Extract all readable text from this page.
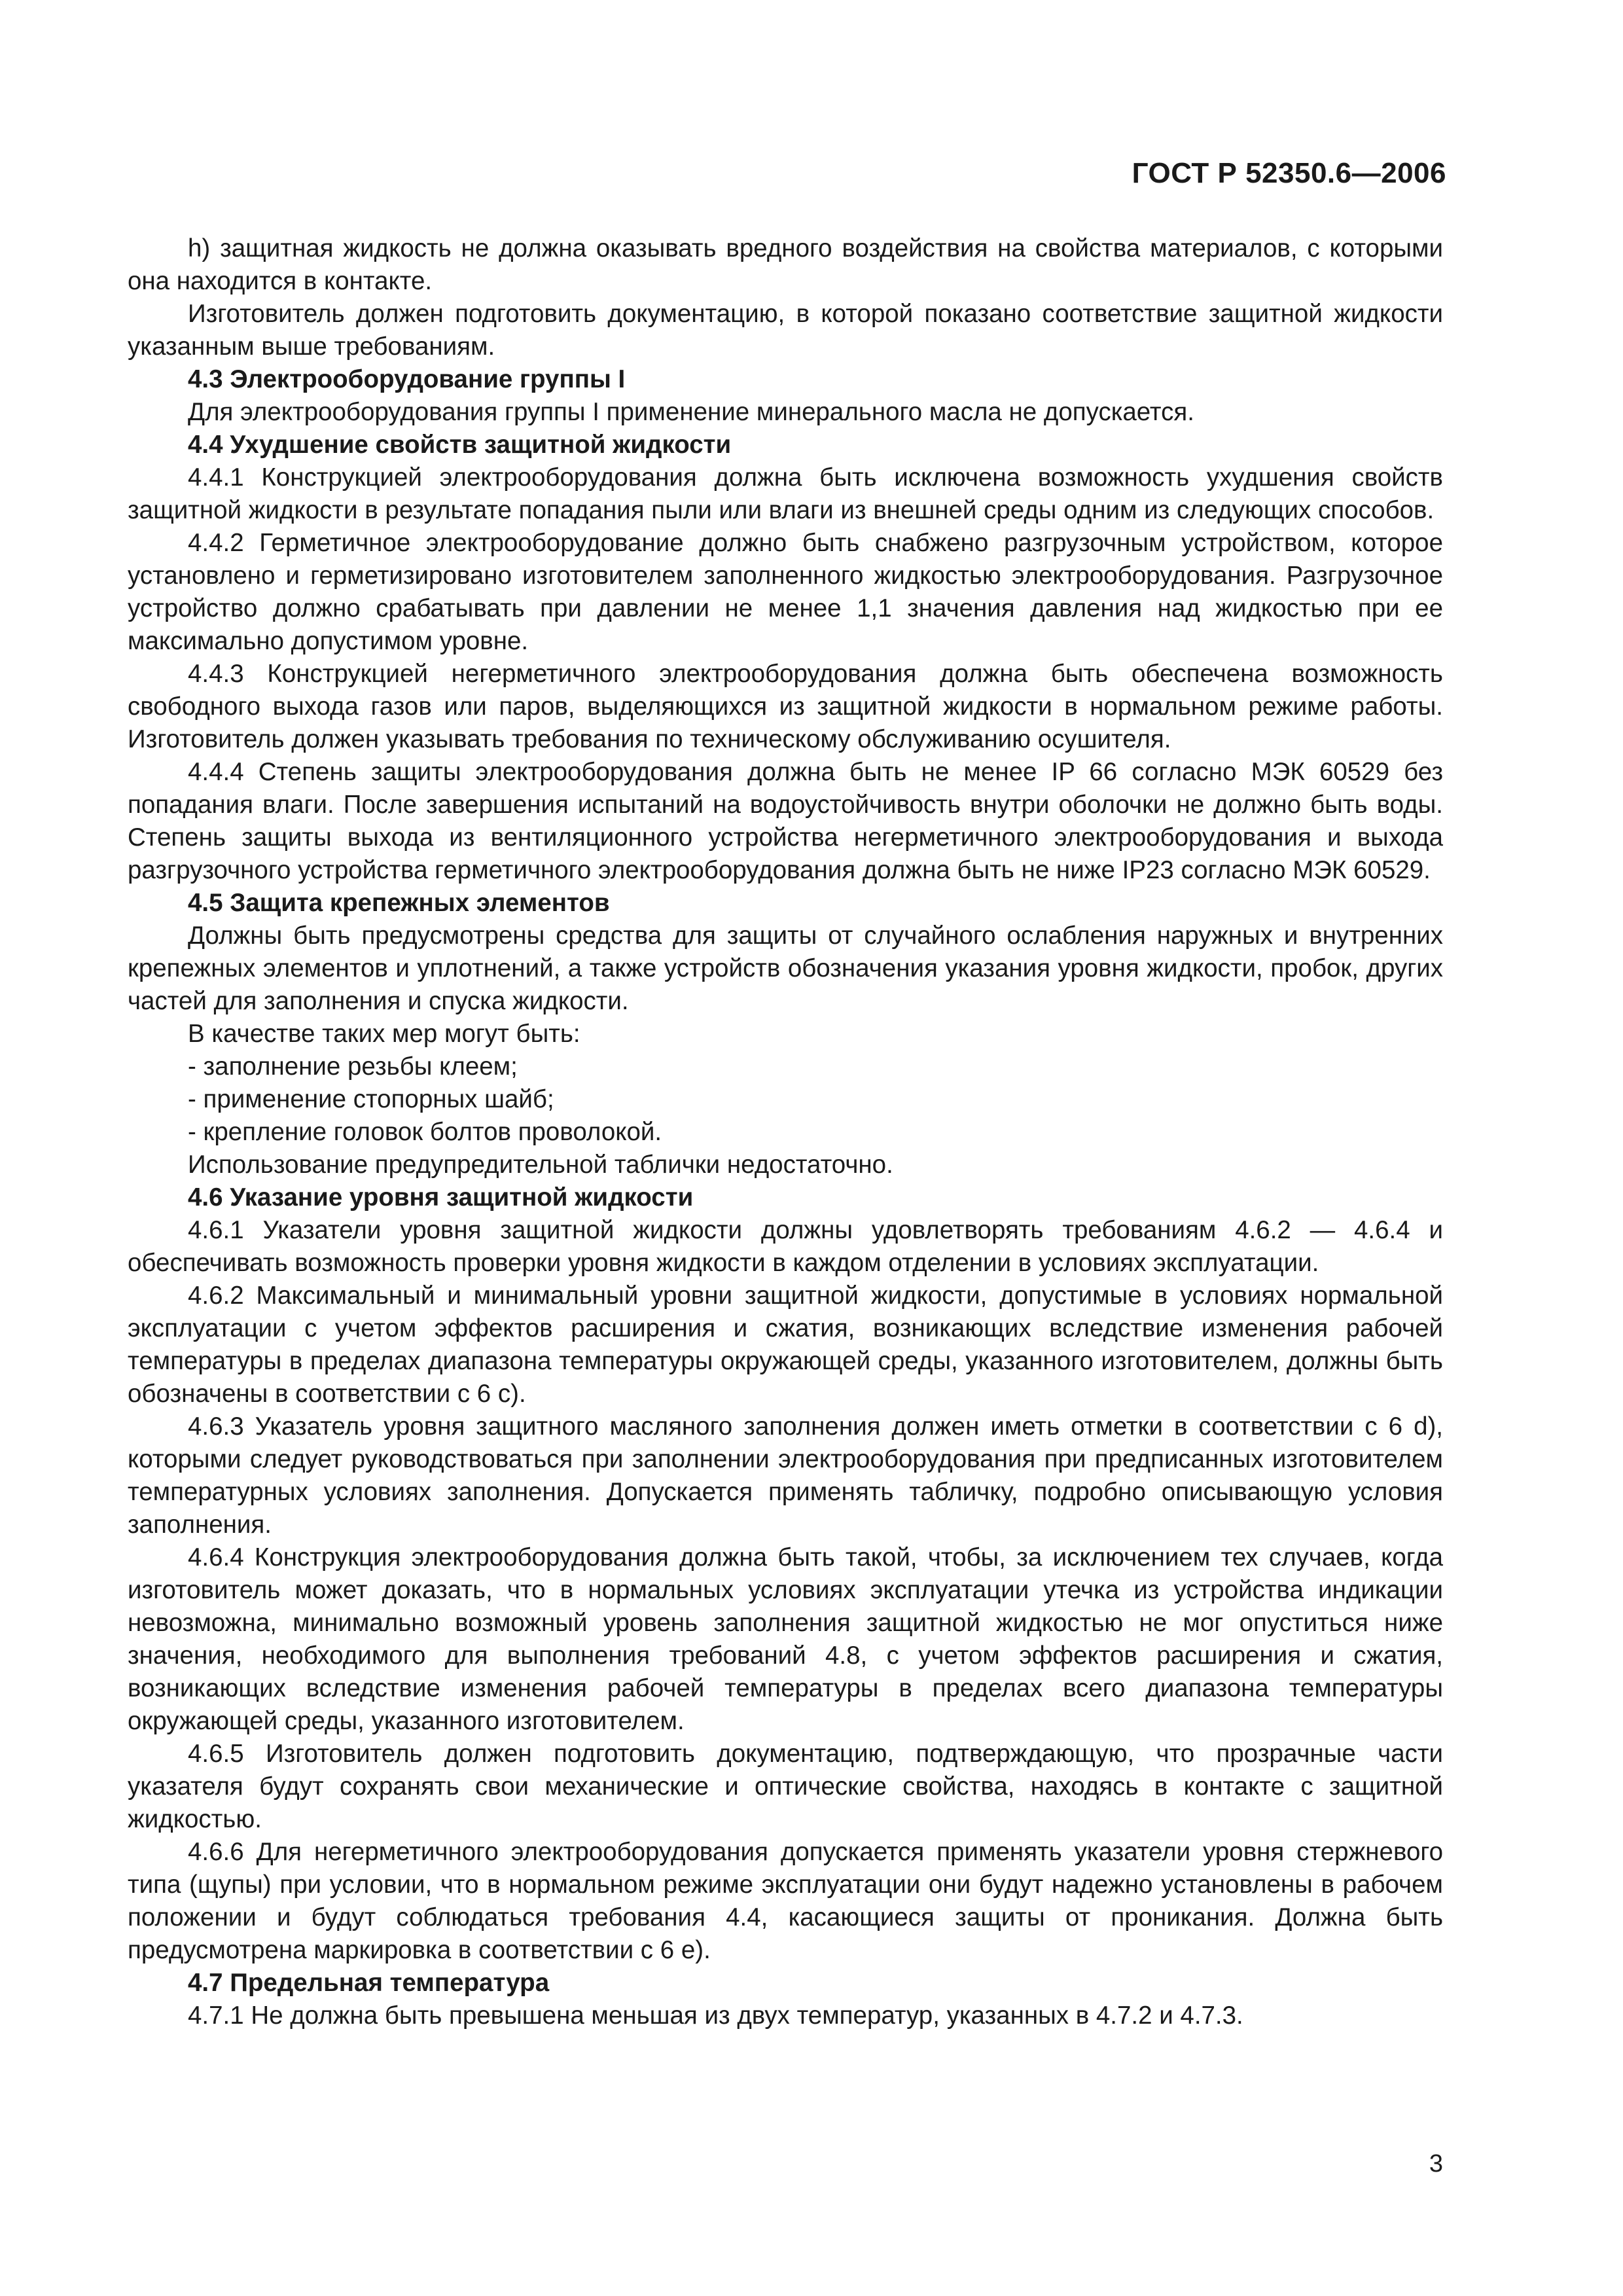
ГОСТ Р 52350.6—2006

h) защитная жидкость не должна оказывать вредного воздействия на свойства материалов, с которыми она находится в контакте.

Изготовитель должен подготовить документацию, в которой показано соответствие защитной жидкости указанным выше требованиям.

4.3 Электрооборудование группы I

Для электрооборудования группы I применение минерального масла не допускается.

4.4 Ухудшение свойств защитной жидкости

4.4.1 Конструкцией электрооборудования должна быть исключена возможность ухудшения свойств защитной жидкости в результате попадания пыли или влаги из внешней среды одним из следующих способов.

4.4.2 Герметичное электрооборудование должно быть снабжено разгрузочным устройством, которое установлено и герметизировано изготовителем заполненного жидкостью электрооборудования. Разгрузочное устройство должно срабатывать при давлении не менее 1,1 значения давления над жидкостью при ее максимально допустимом уровне.

4.4.3 Конструкцией негерметичного электрооборудования должна быть обеспечена возможность свободного выхода газов или паров, выделяющихся из защитной жидкости в нормальном режиме работы. Изготовитель должен указывать требования по техническому обслуживанию осушителя.

4.4.4 Степень защиты электрооборудования должна быть не менее IP 66 согласно МЭК 60529 без попадания влаги. После завершения испытаний на водоустойчивость внутри оболочки не должно быть воды. Степень защиты выхода из вентиляционного устройства негерметичного электрооборудования и выхода разгрузочного устройства герметичного электрооборудования должна быть не ниже IP23 согласно МЭК 60529.

4.5 Защита крепежных элементов

Должны быть предусмотрены средства для защиты от случайного ослабления наружных и внутренних крепежных элементов и уплотнений, а также устройств обозначения указания уровня жидкости, пробок, других частей для заполнения и спуска жидкости.

В качестве таких мер могут быть:

- заполнение резьбы клеем;

- применение стопорных шайб;

- крепление головок болтов проволокой.

Использование предупредительной таблички недостаточно.

4.6 Указание уровня защитной жидкости

4.6.1 Указатели уровня защитной жидкости должны удовлетворять требованиям 4.6.2 — 4.6.4 и обеспечивать возможность проверки уровня жидкости в каждом отделении в условиях эксплуатации.

4.6.2 Максимальный и минимальный уровни защитной жидкости, допустимые в условиях нормальной эксплуатации с учетом эффектов расширения и сжатия, возникающих вследствие изменения рабочей температуры в пределах диапазона температуры окружающей среды, указанного изготовителем, должны быть обозначены в соответствии с 6 c).

4.6.3 Указатель уровня защитного масляного заполнения должен иметь отметки в соответствии с 6 d), которыми следует руководствоваться при заполнении электрооборудования при предписанных изготовителем температурных условиях заполнения. Допускается применять табличку, подробно описывающую условия заполнения.

4.6.4 Конструкция электрооборудования должна быть такой, чтобы, за исключением тех случаев, когда изготовитель может доказать, что в нормальных условиях эксплуатации утечка из устройства индикации невозможна, минимально возможный уровень заполнения защитной жидкостью не мог опуститься ниже значения, необходимого для выполнения требований 4.8, с учетом эффектов расширения и сжатия, возникающих вследствие изменения рабочей температуры в пределах всего диапазона температуры окружающей среды, указанного изготовителем.

4.6.5 Изготовитель должен подготовить документацию, подтверждающую, что прозрачные части указателя будут сохранять свои механические и оптические свойства, находясь в контакте с защитной жидкостью.

4.6.6 Для негерметичного электрооборудования допускается применять указатели уровня стержневого типа (щупы) при условии, что в нормальном режиме эксплуатации они будут надежно установлены в рабочем положении и будут соблюдаться требования 4.4, касающиеся защиты от проникания. Должна быть предусмотрена маркировка в соответствии с 6 e).

4.7 Предельная температура

4.7.1 Не должна быть превышена меньшая из двух температур, указанных в 4.7.2 и 4.7.3.

3
